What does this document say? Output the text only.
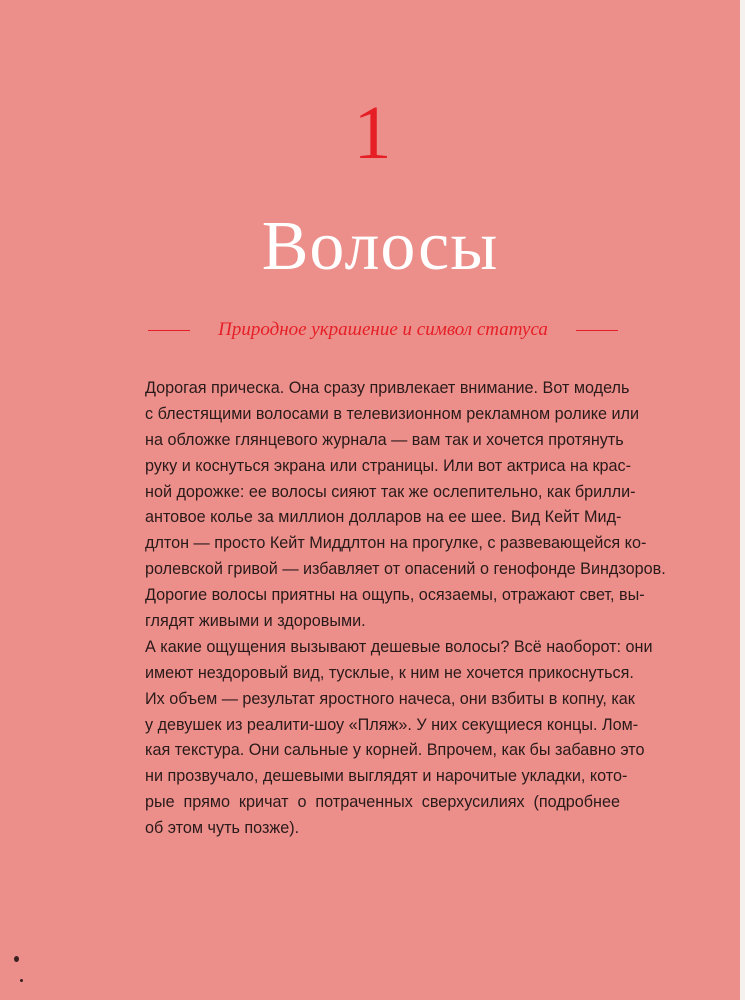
1
Волосы
Природное украшение и символ статуса
Дорогая прическа. Она сразу привлекает внимание. Вот модель
с блестящими волосами в телевизионном рекламном ролике или
на обложке глянцевого журнала — вам так и хочется протянуть
руку и коснуться экрана или страницы. Или вот актриса на крас-
ной дорожке: ее волосы сияют так же ослепительно, как брилли-
антовое колье за миллион долларов на ее шее. Вид Кейт Мид-
длтон — просто Кейт Миддлтон на прогулке, с развевающейся ко-
ролевской гривой — избавляет от опасений о генофонде Виндзоров.
Дорогие волосы приятны на ощупь, осязаемы, отражают свет, вы-
глядят живыми и здоровыми.
А какие ощущения вызывают дешевые волосы? Всё наоборот: они
имеют нездоровый вид, тусклые, к ним не хочется прикоснуться.
Их объем — результат яростного начеса, они взбиты в копну, как
у девушек из реалити-шоу «Пляж». У них секущиеся концы. Лом-
кая текстура. Они сальные у корней. Впрочем, как бы забавно это
ни прозвучало, дешевыми выглядят и нарочитые укладки, кото-
рые прямо кричат о потраченных сверхусилиях (подробнее
об этом чуть позже).
